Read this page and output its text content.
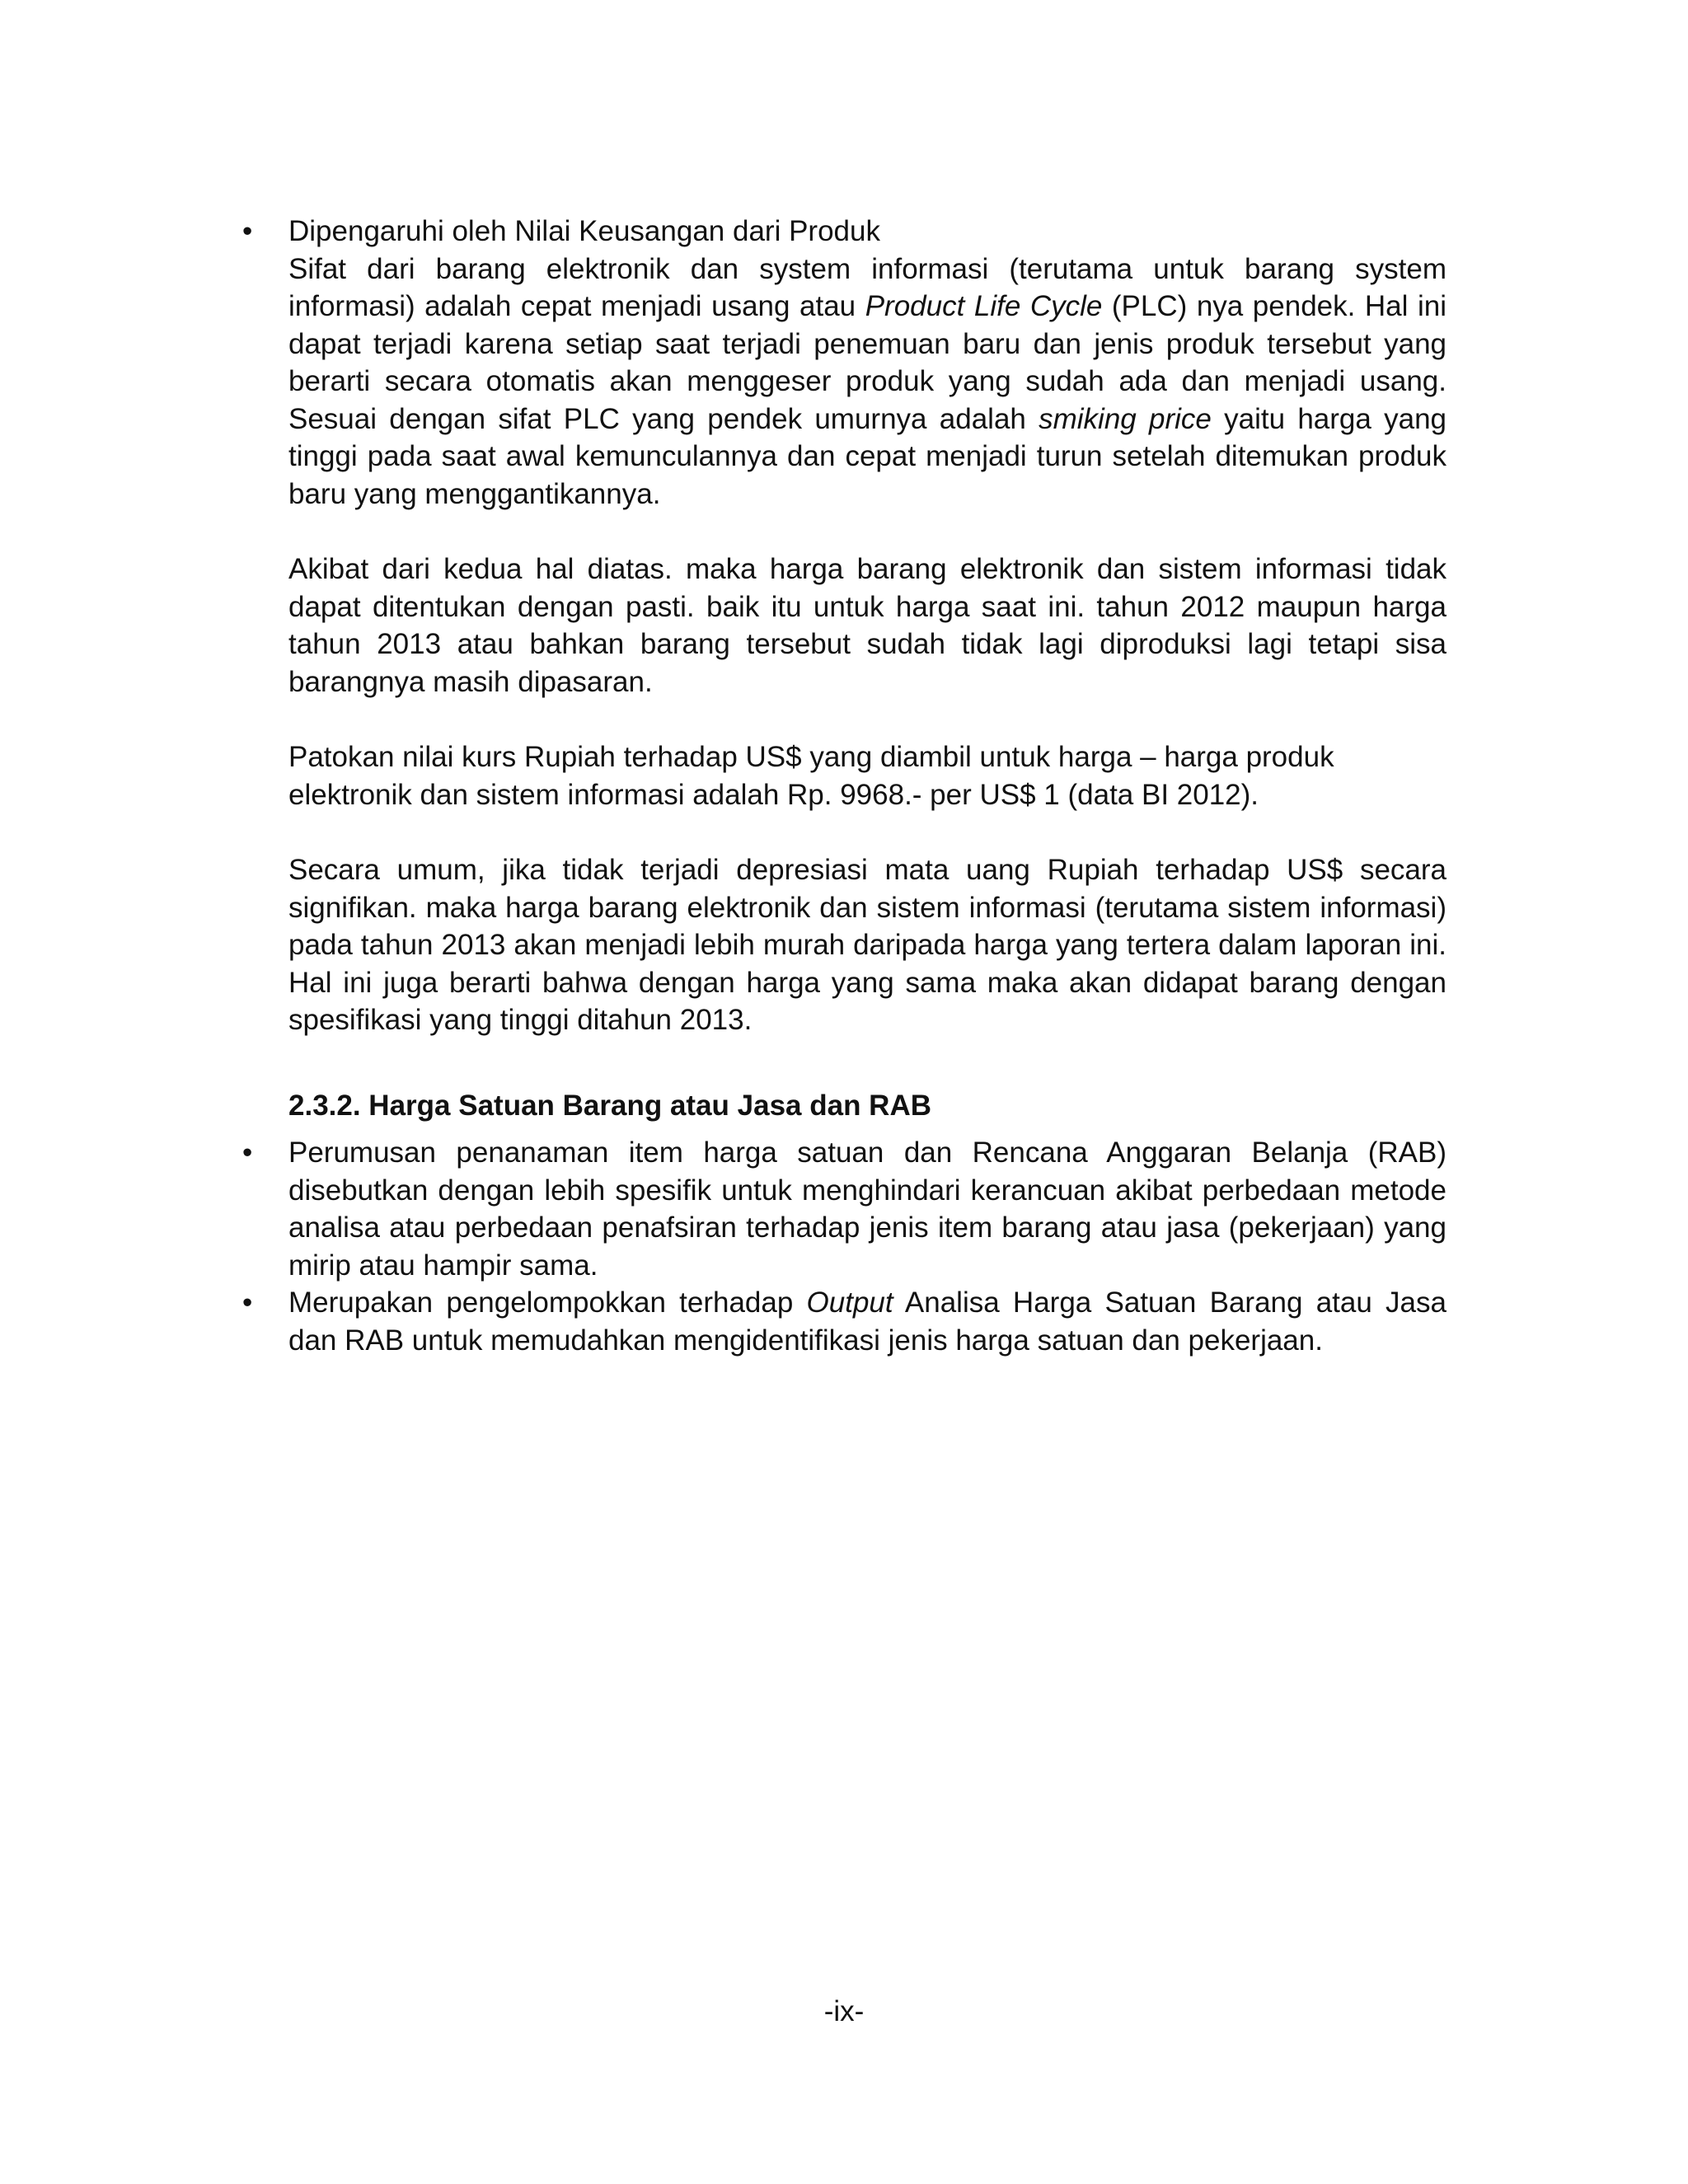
• Dipengaruhi oleh Nilai Keusangan dari Produk

Sifat dari barang elektronik dan system informasi (terutama untuk barang system informasi) adalah cepat menjadi usang atau Product Life Cycle (PLC) nya pendek. Hal ini dapat terjadi karena setiap saat terjadi penemuan baru dan jenis produk tersebut yang berarti secara otomatis akan menggeser produk yang sudah ada dan menjadi usang. Sesuai dengan sifat PLC yang pendek umurnya adalah smiking price yaitu harga yang tinggi pada saat awal kemunculannya dan cepat menjadi turun setelah ditemukan produk baru yang menggantikannya.

Akibat dari kedua hal diatas. maka harga barang elektronik dan sistem informasi tidak dapat ditentukan dengan pasti. baik itu untuk harga saat ini. tahun 2012 maupun harga tahun 2013 atau bahkan barang tersebut sudah tidak lagi diproduksi lagi tetapi sisa barangnya masih dipasaran.

Patokan nilai kurs Rupiah terhadap US$ yang diambil untuk harga – harga produk elektronik dan sistem informasi adalah Rp. 9968.- per US$ 1 (data BI 2012).

Secara umum, jika tidak terjadi depresiasi mata uang Rupiah terhadap US$ secara signifikan. maka harga barang elektronik dan sistem informasi (terutama sistem informasi) pada tahun 2013 akan menjadi lebih murah daripada harga yang tertera dalam laporan ini. Hal ini juga berarti bahwa dengan harga yang sama maka akan didapat barang dengan spesifikasi yang tinggi ditahun 2013.

2.3.2. Harga Satuan Barang atau Jasa dan RAB

• Perumusan penanaman item harga satuan dan Rencana Anggaran Belanja (RAB) disebutkan dengan lebih spesifik untuk menghindari kerancuan akibat perbedaan metode analisa atau perbedaan penafsiran terhadap jenis item barang atau jasa (pekerjaan) yang mirip atau hampir sama.

• Merupakan pengelompokkan terhadap Output Analisa Harga Satuan Barang atau Jasa dan RAB untuk memudahkan mengidentifikasi jenis harga satuan dan pekerjaan.

-ix-
